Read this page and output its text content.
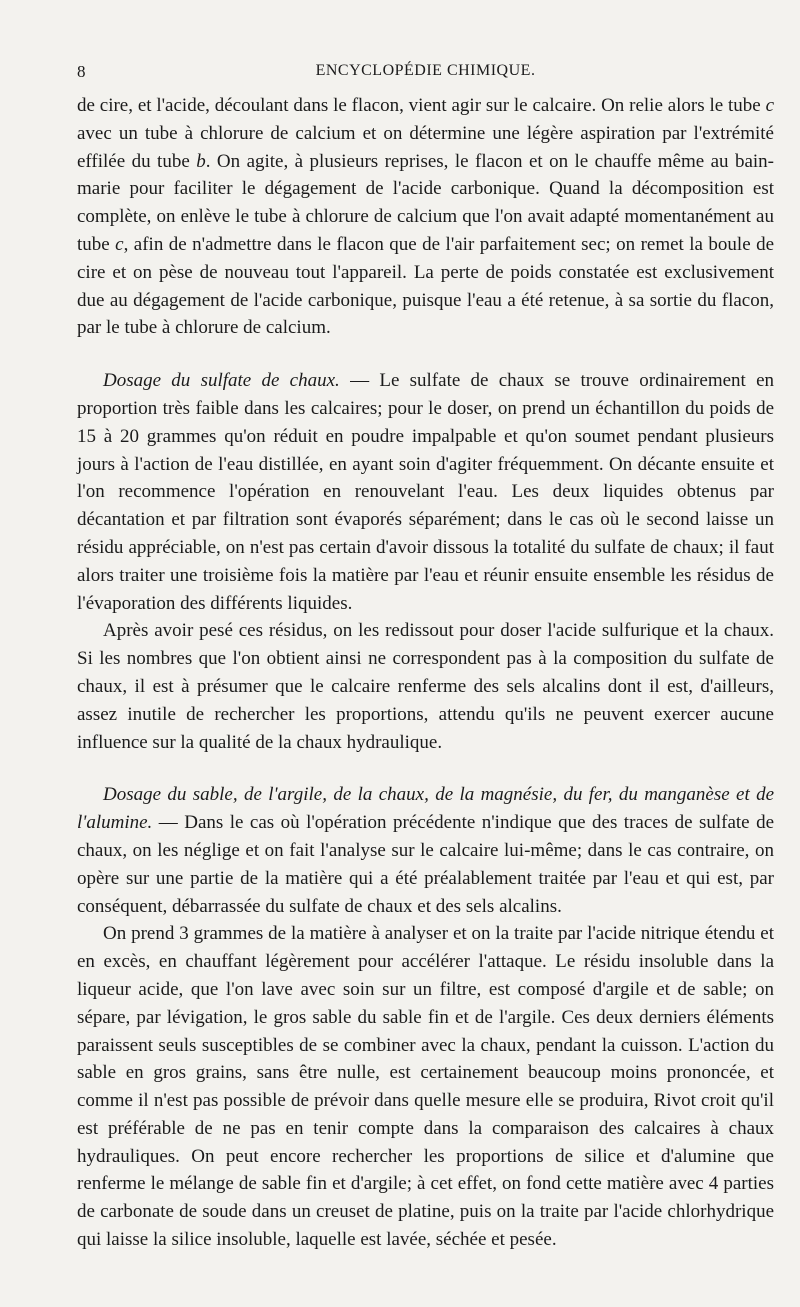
8	ENCYCLOPÉDIE CHIMIQUE.

de cire, et l'acide, découlant dans le flacon, vient agir sur le calcaire. On relie alors le tube c avec un tube à chlorure de calcium et on détermine une légère aspiration par l'extrémité effilée du tube b. On agite, à plusieurs reprises, le flacon et on le chauffe même au bain-marie pour faciliter le dégagement de l'acide carbonique. Quand la décomposition est complète, on enlève le tube à chlorure de calcium que l'on avait adapté momentanément au tube c, afin de n'admettre dans le flacon que de l'air parfaitement sec; on remet la boule de cire et on pèse de nouveau tout l'appareil. La perte de poids constatée est exclusivement due au dégagement de l'acide carbonique, puisque l'eau a été retenue, à sa sortie du flacon, par le tube à chlorure de calcium.

Dosage du sulfate de chaux. — Le sulfate de chaux se trouve ordinairement en proportion très faible dans les calcaires; pour le doser, on prend un échantillon du poids de 15 à 20 grammes qu'on réduit en poudre impalpable et qu'on soumet pendant plusieurs jours à l'action de l'eau distillée, en ayant soin d'agiter fréquemment. On décante ensuite et l'on recommence l'opération en renouvelant l'eau. Les deux liquides obtenus par décantation et par filtration sont évaporés séparément; dans le cas où le second laisse un résidu appréciable, on n'est pas certain d'avoir dissous la totalité du sulfate de chaux; il faut alors traiter une troisième fois la matière par l'eau et réunir ensuite ensemble les résidus de l'évaporation des différents liquides.

Après avoir pesé ces résidus, on les redissout pour doser l'acide sulfurique et la chaux. Si les nombres que l'on obtient ainsi ne correspondent pas à la composition du sulfate de chaux, il est à présumer que le calcaire renferme des sels alcalins dont il est, d'ailleurs, assez inutile de rechercher les proportions, attendu qu'ils ne peuvent exercer aucune influence sur la qualité de la chaux hydraulique.

Dosage du sable, de l'argile, de la chaux, de la magnésie, du fer, du manganèse et de l'alumine. — Dans le cas où l'opération précédente n'indique que des traces de sulfate de chaux, on les néglige et on fait l'analyse sur le calcaire lui-même; dans le cas contraire, on opère sur une partie de la matière qui a été préalablement traitée par l'eau et qui est, par conséquent, débarrassée du sulfate de chaux et des sels alcalins.

On prend 3 grammes de la matière à analyser et on la traite par l'acide nitrique étendu et en excès, en chauffant légèrement pour accélérer l'attaque. Le résidu insoluble dans la liqueur acide, que l'on lave avec soin sur un filtre, est composé d'argile et de sable; on sépare, par lévigation, le gros sable du sable fin et de l'argile. Ces deux derniers éléments paraissent seuls susceptibles de se combiner avec la chaux, pendant la cuisson. L'action du sable en gros grains, sans être nulle, est certainement beaucoup moins prononcée, et comme il n'est pas possible de prévoir dans quelle mesure elle se produira, Rivot croit qu'il est préférable de ne pas en tenir compte dans la comparaison des calcaires à chaux hydrauliques. On peut encore rechercher les proportions de silice et d'alumine que renferme le mélange de sable fin et d'argile; à cet effet, on fond cette matière avec 4 parties de carbonate de soude dans un creuset de platine, puis on la traite par l'acide chlorhydrique qui laisse la silice insoluble, laquelle est lavée, séchée et pesée.
